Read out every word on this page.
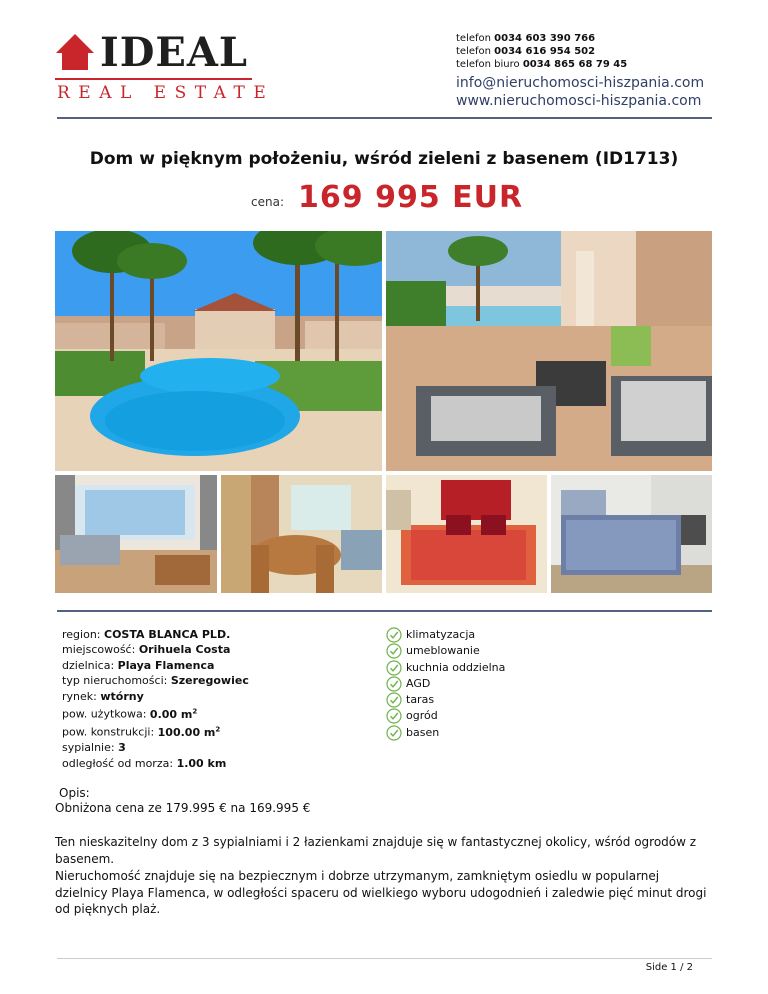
IDEAL
REAL ESTATE
telefon 0034 603 390 766
telefon 0034 616 954 502
telefon biuro 0034 865 68 79 45
info@nieruchomosci-hiszpania.com
www.nieruchomosci-hiszpania.com
Dom w pięknym położeniu, wśród zieleni z basenem (ID1713)
cena: 169 995 EUR
region: COSTA BLANCA PLD.
miejscowość: Orihuela Costa
dzielnica: Playa Flamenca
typ nieruchomości: Szeregowiec
rynek: wtórny
pow. użytkowa: 0.00 $m^2$
pow. konstrukcji: 100.00 $m^2$
sypialnie: 3
odległość od morza: 1.00 km
klimatyzacja
umeblowanie
kuchnia oddzielna
AGD
taras
ogród
basen
Opis:
Obniżona cena ze 179.995 € na 169.995 €
Ten nieskazitelny dom z 3 sypialniami i 2 łazienkami znajduje się w fantastycznej okolicy, wśród ogrodów z basenem.
Nieruchomość znajduje się na bezpiecznym i dobrze utrzymanym, zamkniętym osiedlu w popularnej dzielnicy Playa Flamenca, w odległości spaceru od wielkiego wyboru udogodnień i zaledwie pięć minut drogi od pięknych plaż.
Side 1 / 2
